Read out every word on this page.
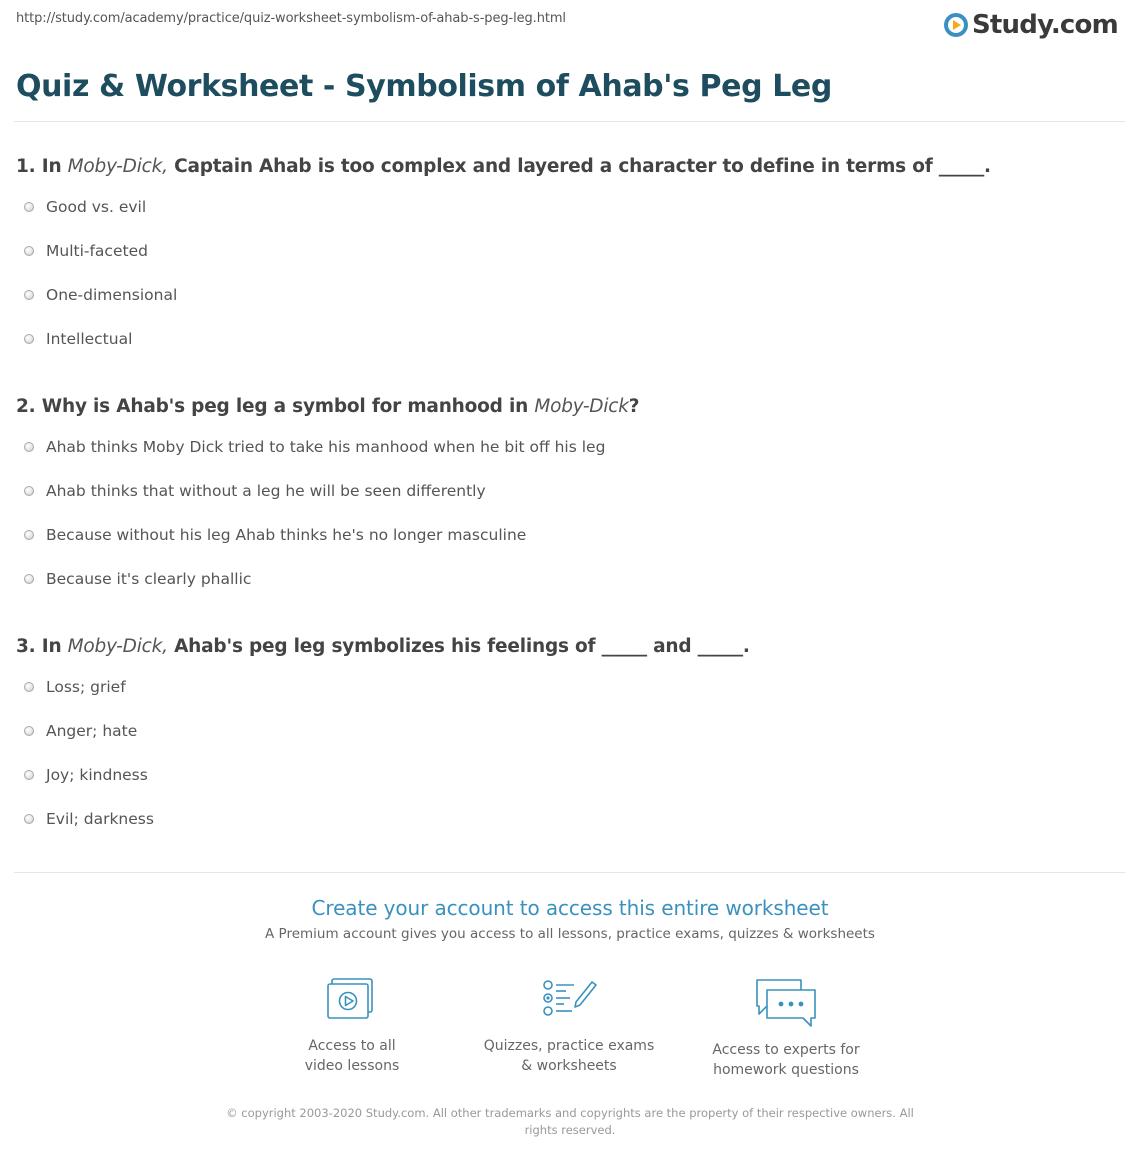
http://study.com/academy/practice/quiz-worksheet-symbolism-of-ahab-s-peg-leg.html	Study.com
Quiz & Worksheet - Symbolism of Ahab's Peg Leg
1. In Moby-Dick, Captain Ahab is too complex and layered a character to define in terms of _____.
Good vs. evil
Multi-faceted
One-dimensional
Intellectual
2. Why is Ahab's peg leg a symbol for manhood in Moby-Dick?
Ahab thinks Moby Dick tried to take his manhood when he bit off his leg
Ahab thinks that without a leg he will be seen differently
Because without his leg Ahab thinks he's no longer masculine
Because it's clearly phallic
3. In Moby-Dick, Ahab's peg leg symbolizes his feelings of _____ and _____.
Loss; grief
Anger; hate
Joy; kindness
Evil; darkness
Create your account to access this entire worksheet
A Premium account gives you access to all lessons, practice exams, quizzes & worksheets
Access to all
video lessons
Quizzes, practice exams
& worksheets
Access to experts for
homework questions
© copyright 2003-2020 Study.com. All other trademarks and copyrights are the property of their respective owners. All rights reserved.
